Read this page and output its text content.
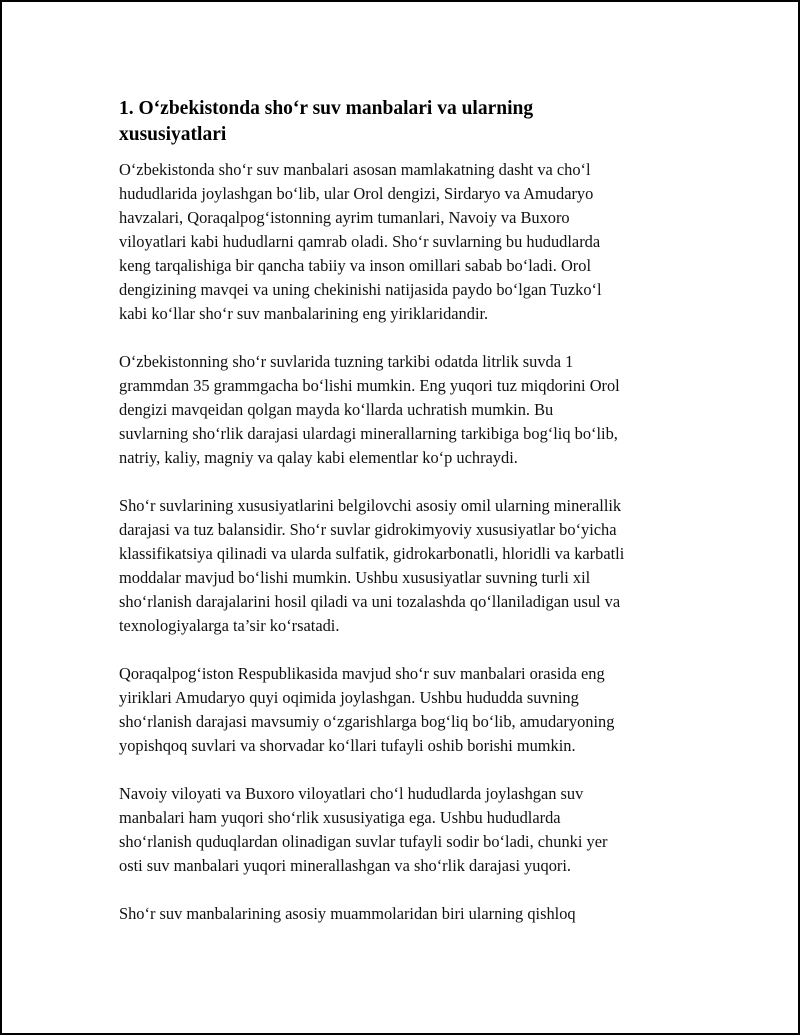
1. O‘zbekistonda sho‘r suv manbalari va ularning
xususiyatlari

O‘zbekistonda sho‘r suv manbalari asosan mamlakatning dasht va cho‘l
hududlarida joylashgan bo‘lib, ular Orol dengizi, Sirdaryo va Amudaryo
havzalari, Qoraqalpog‘istonning ayrim tumanlari, Navoiy va Buxoro
viloyatlari kabi hududlarni qamrab oladi. Sho‘r suvlarning bu hududlarda
keng tarqalishiga bir qancha tabiiy va inson omillari sabab bo‘ladi. Orol
dengizining mavqei va uning chekinishi natijasida paydo bo‘lgan Tuzko‘l
kabi ko‘llar sho‘r suv manbalarining eng yiriklaridandir.

O‘zbekistonning sho‘r suvlarida tuzning tarkibi odatda litrlik suvda 1
grammdan 35 grammgacha bo‘lishi mumkin. Eng yuqori tuz miqdorini Orol
dengizi mavqeidan qolgan mayda ko‘llarda uchratish mumkin. Bu
suvlarning sho‘rlik darajasi ulardagi minerallarning tarkibiga bog‘liq bo‘lib,
natriy, kaliy, magniy va qalay kabi elementlar ko‘p uchraydi.

Sho‘r suvlarining xususiyatlarini belgilovchi asosiy omil ularning minerallik
darajasi va tuz balansidir. Sho‘r suvlar gidrokimyoviy xususiyatlar bo‘yicha
klassifikatsiya qilinadi va ularda sulfatik, gidrokarbonatli, hloridli va karbatli
moddalar mavjud bo‘lishi mumkin. Ushbu xususiyatlar suvning turli xil
sho‘rlanish darajalarini hosil qiladi va uni tozalashda qo‘llaniladigan usul va
texnologiyalarga ta’sir ko‘rsatadi.

Qoraqalpog‘iston Respublikasida mavjud sho‘r suv manbalari orasida eng
yiriklari Amudaryo quyi oqimida joylashgan. Ushbu hududda suvning
sho‘rlanish darajasi mavsumiy o‘zgarishlarga bog‘liq bo‘lib, amudaryoning
yopishqoq suvlari va shorvadar ko‘llari tufayli oshib borishi mumkin.

Navoiy viloyati va Buxoro viloyatlari cho‘l hududlarda joylashgan suv
manbalari ham yuqori sho‘rlik xususiyatiga ega. Ushbu hududlarda
sho‘rlanish quduqlardan olinadigan suvlar tufayli sodir bo‘ladi, chunki yer
osti suv manbalari yuqori minerallashgan va sho‘rlik darajasi yuqori.

Sho‘r suv manbalarining asosiy muammolaridan biri ularning qishloq
